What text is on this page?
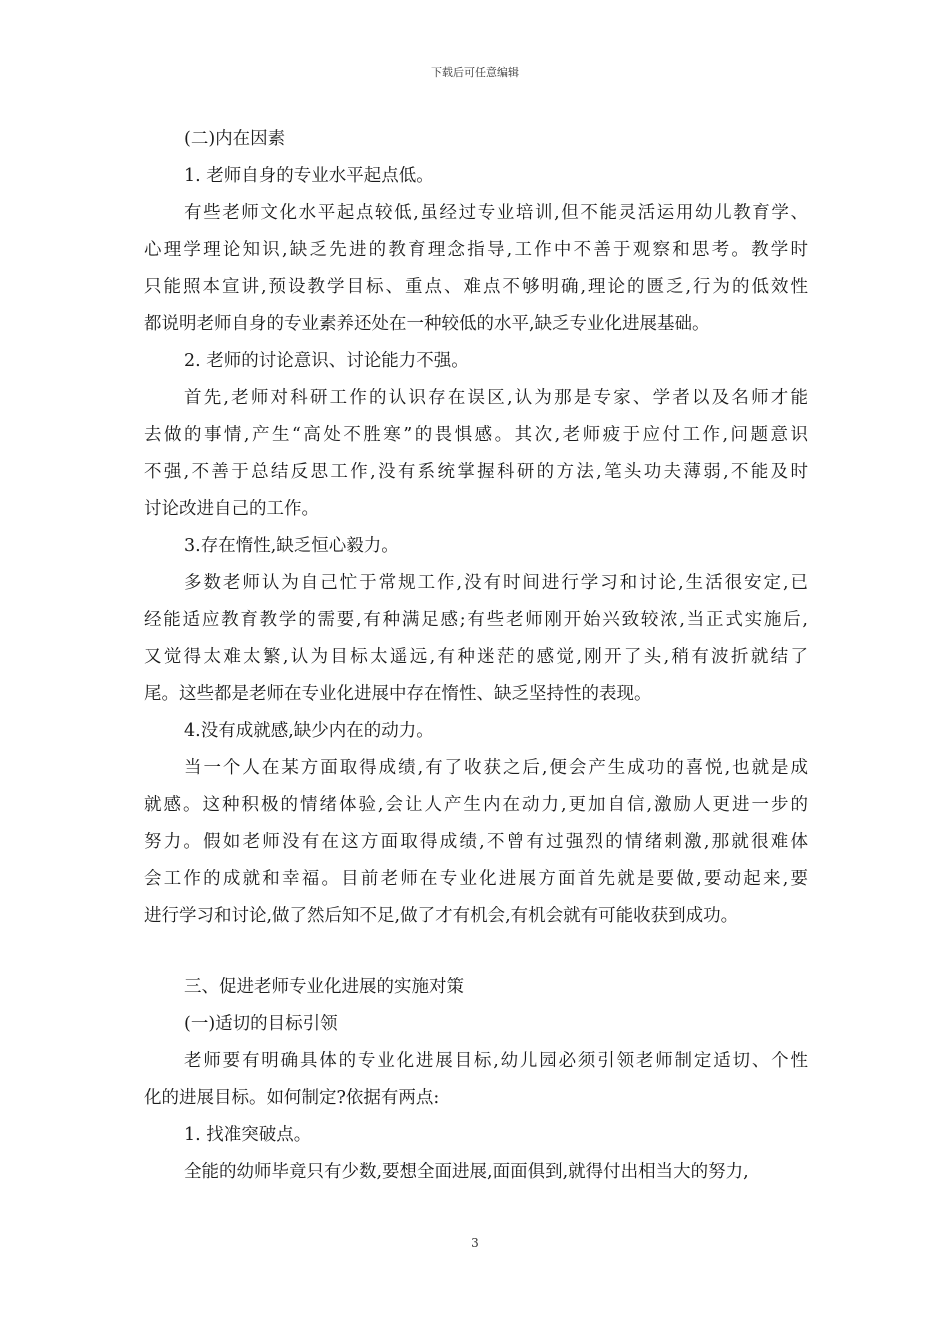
下载后可任意编辑
(二)内在因素
1. 老师自身的专业水平起点低。
有些老师文化水平起点较低,虽经过专业培训,但不能灵活运用幼儿教育学、
心理学理论知识,缺乏先进的教育理念指导,工作中不善于观察和思考。教学时
只能照本宣讲,预设教学目标、重点、难点不够明确,理论的匮乏,行为的低效性
都说明老师自身的专业素养还处在一种较低的水平,缺乏专业化进展基础。
2. 老师的讨论意识、讨论能力不强。
首先,老师对科研工作的认识存在误区,认为那是专家、学者以及名师才能
去做的事情,产生“高处不胜寒”的畏惧感。其次,老师疲于应付工作,问题意识
不强,不善于总结反思工作,没有系统掌握科研的方法,笔头功夫薄弱,不能及时
讨论改进自己的工作。
3.存在惰性,缺乏恒心毅力。
多数老师认为自己忙于常规工作,没有时间进行学习和讨论,生活很安定,已
经能适应教育教学的需要,有种满足感;有些老师刚开始兴致较浓,当正式实施后,
又觉得太难太繁,认为目标太遥远,有种迷茫的感觉,刚开了头,稍有波折就结了
尾。这些都是老师在专业化进展中存在惰性、缺乏坚持性的表现。
4.没有成就感,缺少内在的动力。
当一个人在某方面取得成绩,有了收获之后,便会产生成功的喜悦,也就是成
就感。这种积极的情绪体验,会让人产生内在动力,更加自信,激励人更进一步的
努力。假如老师没有在这方面取得成绩,不曾有过强烈的情绪刺激,那就很难体
会工作的成就和幸福。目前老师在专业化进展方面首先就是要做,要动起来,要
进行学习和讨论,做了然后知不足,做了才有机会,有机会就有可能收获到成功。
三、促进老师专业化进展的实施对策
(一)适切的目标引领
老师要有明确具体的专业化进展目标,幼儿园必须引领老师制定适切、个性
化的进展目标。如何制定?依据有两点:
1. 找准突破点。
全能的幼师毕竟只有少数,要想全面进展,面面俱到,就得付出相当大的努力,
3
